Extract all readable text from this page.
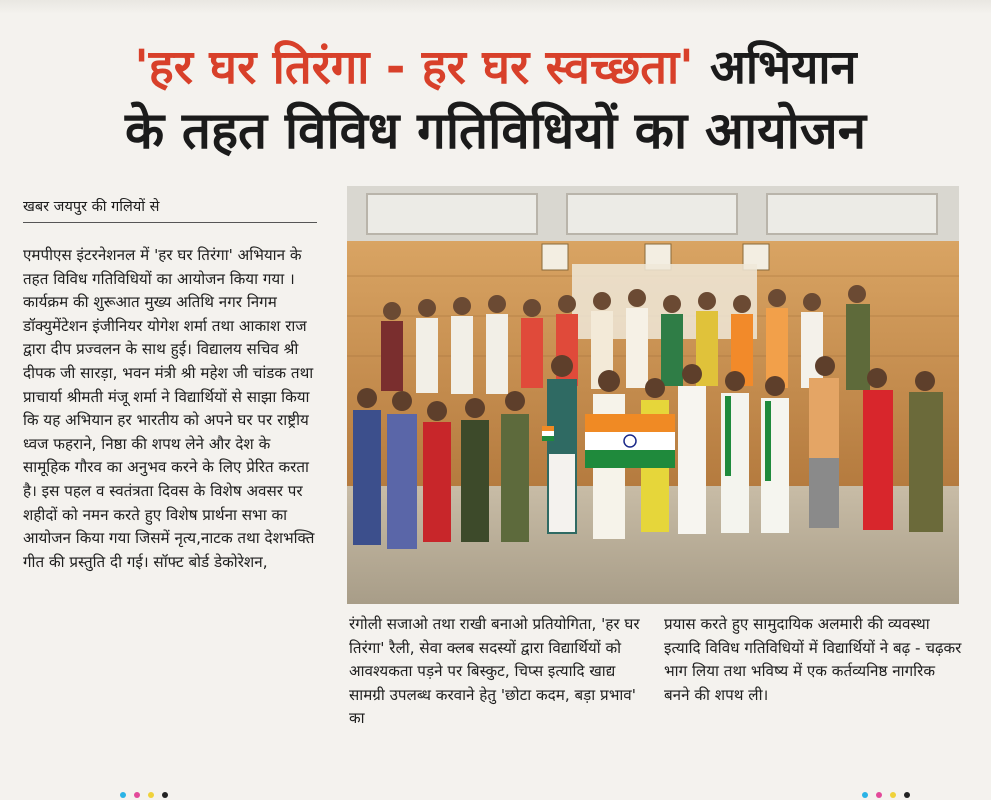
'हर घर तिरंगा - हर घर स्वच्छता' अभियान
के तहत विविध गतिविधियों का आयोजन
खबर जयपुर की गलियों से
एमपीएस इंटरनेशनल में 'हर घर तिरंगा' अभियान के तहत विविध गतिविधियों का आयोजन किया गया । कार्यक्रम की शुरूआत मुख्य अतिथि नगर निगम डॉक्युमेंटेशन इंजीनियर योगेश शर्मा तथा आकाश राज द्वारा दीप प्रज्वलन के साथ हुई। विद्यालय सचिव श्री दीपक जी सारड़ा, भवन मंत्री श्री महेश जी चांडक तथा प्राचार्या श्रीमती मंजू शर्मा ने विद्यार्थियों से साझा किया कि यह अभियान हर भारतीय को अपने घर पर राष्ट्रीय ध्वज फहराने, निष्ठा की शपथ लेने और देश के सामूहिक गौरव का अनुभव करने के लिए प्रेरित करता है। इस पहल व स्वतंत्रता दिवस के विशेष अवसर पर शहीदों को नमन करते हुए विशेष प्रार्थना सभा का आयोजन किया गया जिसमें नृत्य,नाटक तथा देशभक्ति गीत की प्रस्तुति दी गई। सॉफ्ट बोर्ड डेकोरेशन,
रंगोली सजाओ तथा राखी बनाओ प्रतियोगिता, 'हर घर तिरंगा' रैली, सेवा क्लब सदस्यों द्वारा विद्यार्थियों को आवश्यकता पड़ने पर बिस्कुट, चिप्स इत्यादि खाद्य सामग्री उपलब्ध करवाने हेतु 'छोटा कदम, बड़ा प्रभाव' का
प्रयास करते हुए सामुदायिक अलमारी की व्यवस्था इत्यादि विविध गतिविधियों में विद्यार्थियों ने बढ़ - चढ़कर भाग लिया तथा भविष्य में एक कर्तव्यनिष्ठ नागरिक बनने की शपथ ली।
